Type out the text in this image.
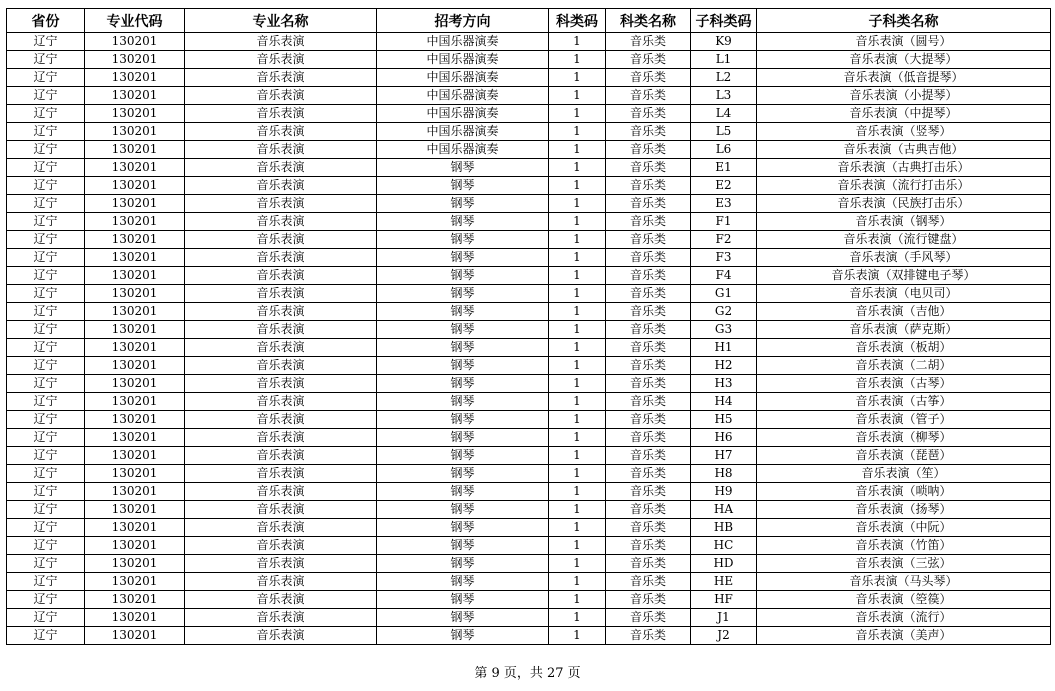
省份	专业代码	专业名称	招考方向	科类码	科类名称	子科类码	子科类名称
辽宁	130201	音乐表演	中国乐器演奏	1	音乐类	K9	音乐表演（圆号）
辽宁	130201	音乐表演	中国乐器演奏	1	音乐类	L1	音乐表演（大提琴）
辽宁	130201	音乐表演	中国乐器演奏	1	音乐类	L2	音乐表演（低音提琴）
辽宁	130201	音乐表演	中国乐器演奏	1	音乐类	L3	音乐表演（小提琴）
辽宁	130201	音乐表演	中国乐器演奏	1	音乐类	L4	音乐表演（中提琴）
辽宁	130201	音乐表演	中国乐器演奏	1	音乐类	L5	音乐表演（竖琴）
辽宁	130201	音乐表演	中国乐器演奏	1	音乐类	L6	音乐表演（古典吉他）
辽宁	130201	音乐表演	钢琴	1	音乐类	E1	音乐表演（古典打击乐）
辽宁	130201	音乐表演	钢琴	1	音乐类	E2	音乐表演（流行打击乐）
辽宁	130201	音乐表演	钢琴	1	音乐类	E3	音乐表演（民族打击乐）
辽宁	130201	音乐表演	钢琴	1	音乐类	F1	音乐表演（钢琴）
辽宁	130201	音乐表演	钢琴	1	音乐类	F2	音乐表演（流行键盘）
辽宁	130201	音乐表演	钢琴	1	音乐类	F3	音乐表演（手风琴）
辽宁	130201	音乐表演	钢琴	1	音乐类	F4	音乐表演（双排键电子琴）
辽宁	130201	音乐表演	钢琴	1	音乐类	G1	音乐表演（电贝司）
辽宁	130201	音乐表演	钢琴	1	音乐类	G2	音乐表演（吉他）
辽宁	130201	音乐表演	钢琴	1	音乐类	G3	音乐表演（萨克斯）
辽宁	130201	音乐表演	钢琴	1	音乐类	H1	音乐表演（板胡）
辽宁	130201	音乐表演	钢琴	1	音乐类	H2	音乐表演（二胡）
辽宁	130201	音乐表演	钢琴	1	音乐类	H3	音乐表演（古琴）
辽宁	130201	音乐表演	钢琴	1	音乐类	H4	音乐表演（古筝）
辽宁	130201	音乐表演	钢琴	1	音乐类	H5	音乐表演（管子）
辽宁	130201	音乐表演	钢琴	1	音乐类	H6	音乐表演（柳琴）
辽宁	130201	音乐表演	钢琴	1	音乐类	H7	音乐表演（琵琶）
辽宁	130201	音乐表演	钢琴	1	音乐类	H8	音乐表演（笙）
辽宁	130201	音乐表演	钢琴	1	音乐类	H9	音乐表演（唢呐）
辽宁	130201	音乐表演	钢琴	1	音乐类	HA	音乐表演（扬琴）
辽宁	130201	音乐表演	钢琴	1	音乐类	HB	音乐表演（中阮）
辽宁	130201	音乐表演	钢琴	1	音乐类	HC	音乐表演（竹笛）
辽宁	130201	音乐表演	钢琴	1	音乐类	HD	音乐表演（三弦）
辽宁	130201	音乐表演	钢琴	1	音乐类	HE	音乐表演（马头琴）
辽宁	130201	音乐表演	钢琴	1	音乐类	HF	音乐表演（箜篌）
辽宁	130201	音乐表演	钢琴	1	音乐类	J1	音乐表演（流行）
辽宁	130201	音乐表演	钢琴	1	音乐类	J2	音乐表演（美声）
第 9 页，共 27 页
